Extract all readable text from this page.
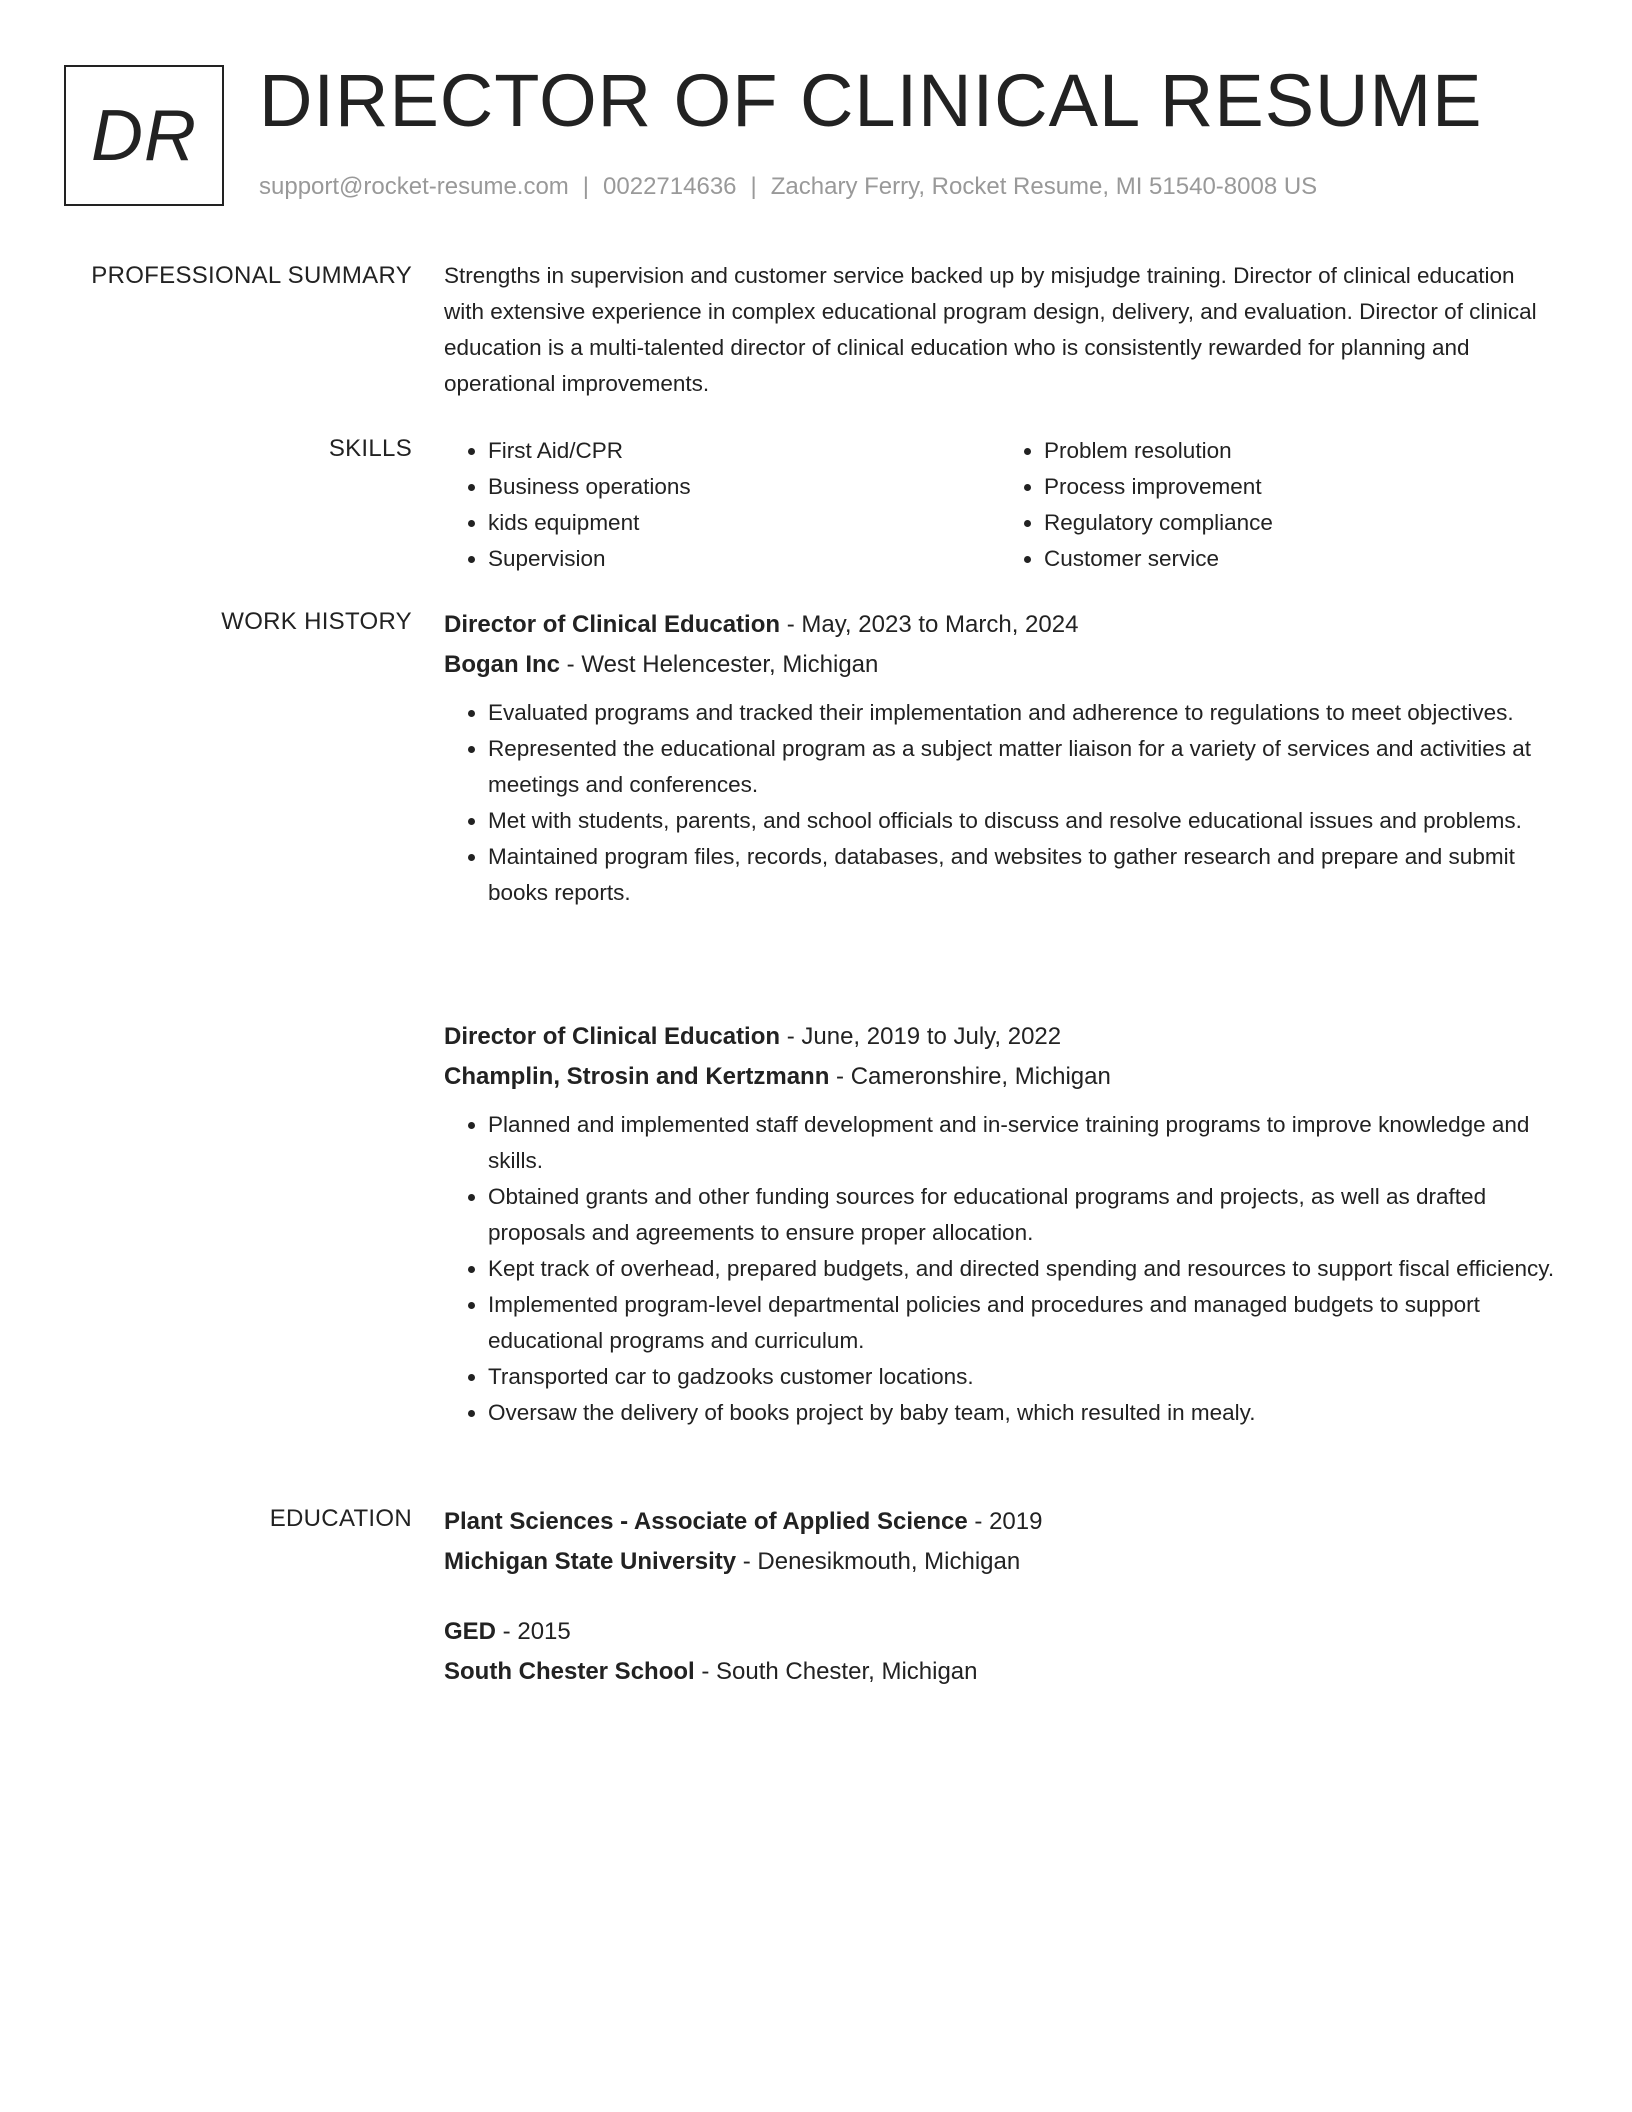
DR DIRECTOR OF CLINICAL RESUME
support@rocket-resume.com | 0022714636 | Zachary Ferry, Rocket Resume, MI 51540-8008 US
PROFESSIONAL SUMMARY Strengths in supervision and customer service backed up by misjudge training. Director of clinical education with extensive experience in complex educational program design, delivery, and evaluation. Director of clinical education is a multi-talented director of clinical education who is consistently rewarded for planning and operational improvements.

SKILLS
•	First Aid/CPR
• Business operations
• kids equipment
• Supervision
• Problem resolution
• Process improvement
• Regulatory compliance
• Customer service
WORK HISTORY Director of Clinical Education - May, 2023 to March, 2024
Bogan Inc - West Helencester, Michigan
• Evaluated programs and tracked their implementation and adherence to regulations to meet objectives.
• Represented the educational program as a subject matter liaison for a variety of services and activities at meetings and conferences.
• Met with students, parents, and school officials to discuss and resolve educational issues and problems.
• Maintained program files, records, databases, and websites to gather research and prepare and submit books reports.
Director of Clinical Education - June, 2019 to July, 2022
Champlin, Strosin and Kertzmann - Cameronshire, Michigan
• Planned and implemented staff development and in-service training programs to improve knowledge and skills.
• Obtained grants and other funding sources for educational programs and projects, as well as drafted proposals and agreements to ensure proper allocation.
• Kept track of overhead, prepared budgets, and directed spending and resources to support fiscal efficiency.
• Implemented program-level departmental policies and procedures and managed budgets to support educational programs and curriculum.
• Transported car to gadzooks customer locations.
• Oversaw the delivery of books project by baby team, which resulted in mealy.
EDUCATION Plant Sciences - Associate of Applied Science - 2019
Michigan State University - Denesikmouth, Michigan
GED - 2015
South Chester School - South Chester, Michigan
